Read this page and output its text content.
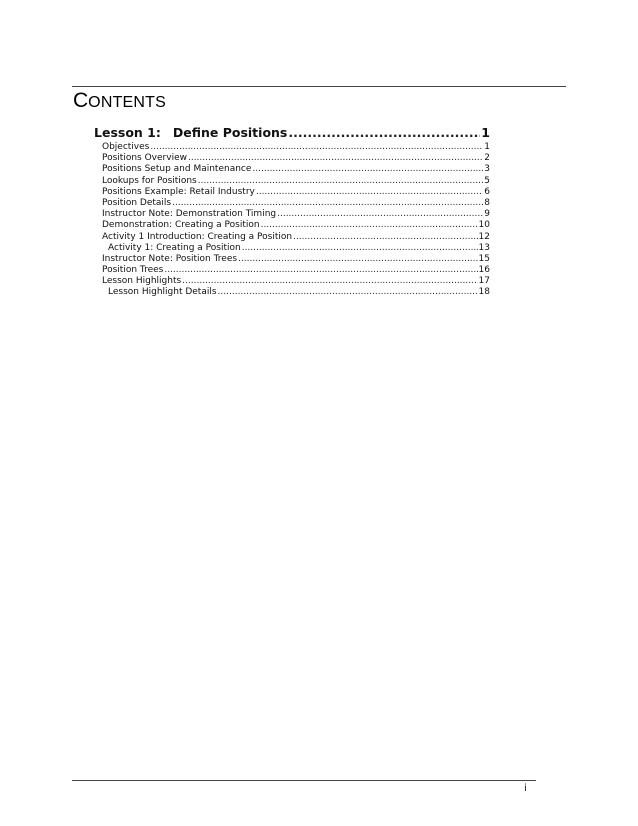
CONTENTS
Lesson 1: Define Positions .....	1
Objectives .....	1
Positions Overview .....	2
Positions Setup and Maintenance .....	3
Lookups for Positions .....	5
Positions Example: Retail Industry .....	6
Position Details .....	8
Instructor Note: Demonstration Timing .....	9
Demonstration: Creating a Position .....	10
Activity 1 Introduction: Creating a Position .....	12
Activity 1: Creating a Position .....	13
Instructor Note: Position Trees .....	15
Position Trees .....	16
Lesson Highlights .....	17
Lesson Highlight Details .....	18
i
